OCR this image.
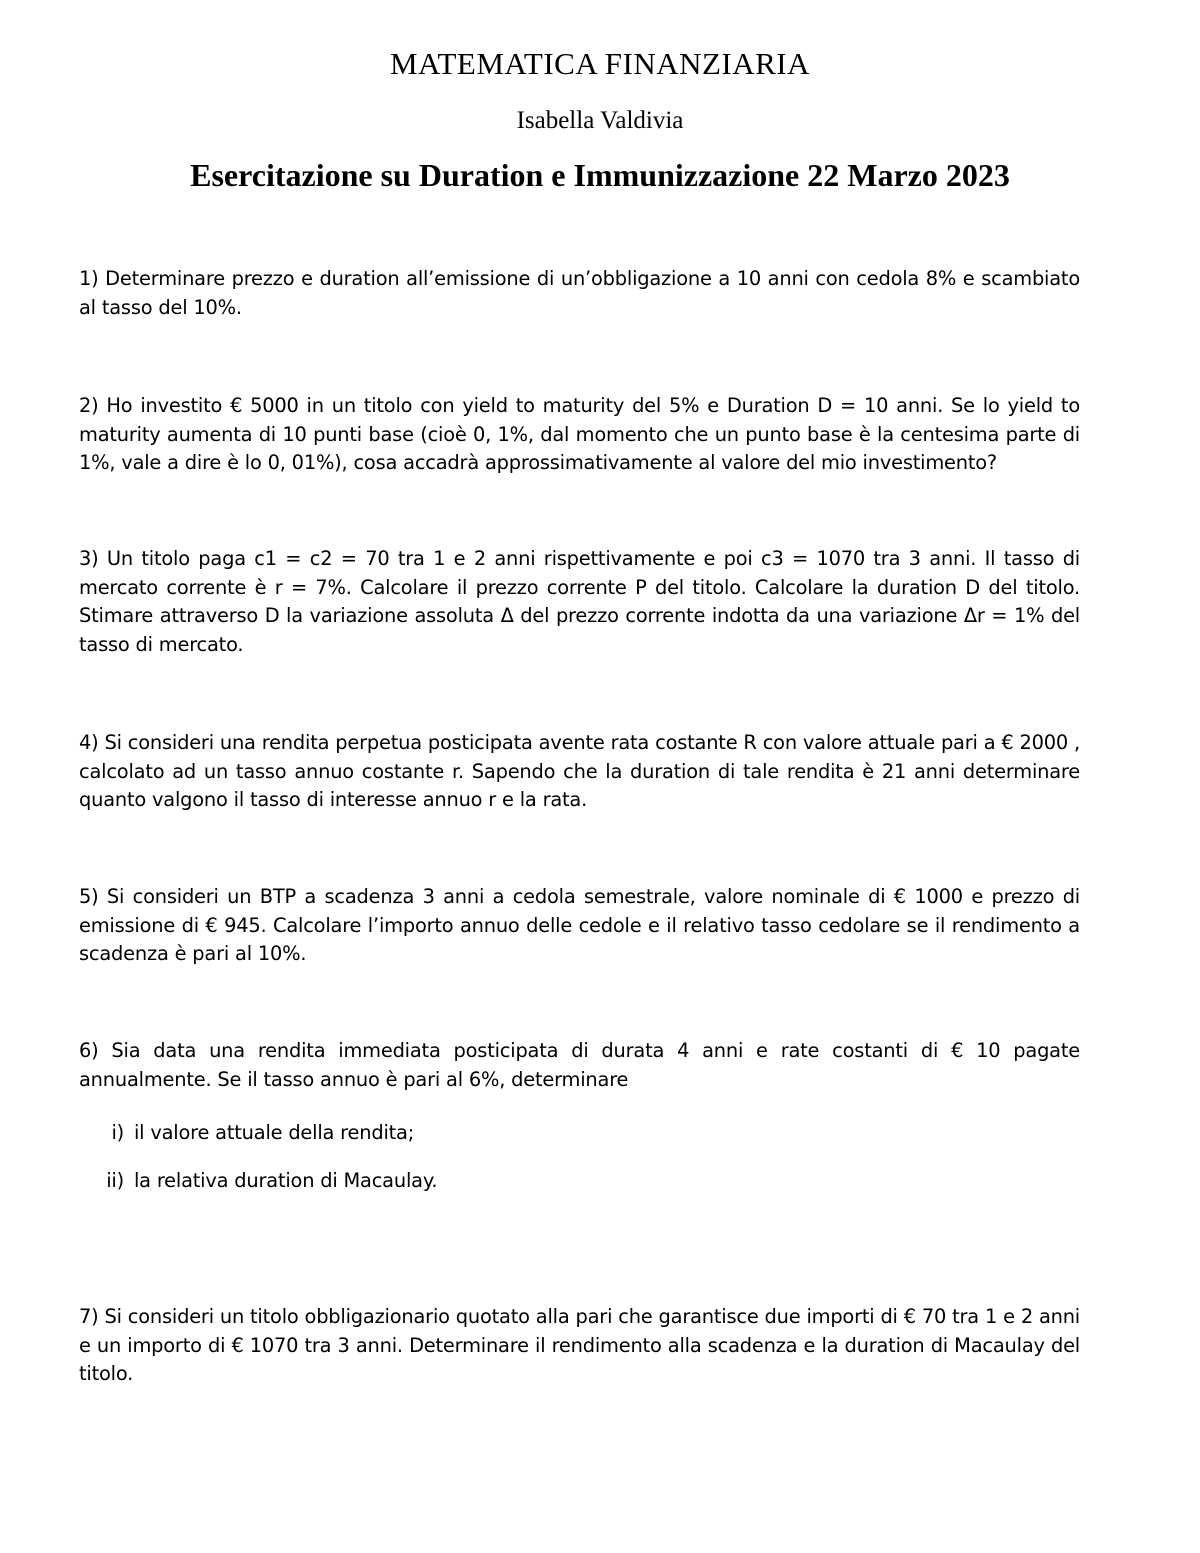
MATEMATICA FINANZIARIA
Isabella Valdivia
Esercitazione su Duration e Immunizzazione 22 Marzo 2023

1) Determinare prezzo e duration all’emissione di un’obbligazione a 10 anni con cedola 8% e scambiato al tasso del 10%.

2) Ho investito € 5000 in un titolo con yield to maturity del 5% e Duration D = 10 anni. Se lo yield to maturity aumenta di 10 punti base (cioè 0, 1%, dal momento che un punto base è la centesima parte di 1%, vale a dire è lo 0, 01%), cosa accadrà approssimativamente al valore del mio investimento?

3) Un titolo paga c1 = c2 = 70 tra 1 e 2 anni rispettivamente e poi c3 = 1070 tra 3 anni. Il tasso di mercato corrente è r = 7%. Calcolare il prezzo corrente P del titolo. Calcolare la duration D del titolo. Stimare attraverso D la variazione assoluta Δ del prezzo corrente indotta da una variazione Δr = 1% del tasso di mercato.

4) Si consideri una rendita perpetua posticipata avente rata costante R con valore attuale pari a € 2000 , calcolato ad un tasso annuo costante r. Sapendo che la duration di tale rendita è 21 anni determinare quanto valgono il tasso di interesse annuo r e la rata.

5) Si consideri un BTP a scadenza 3 anni a cedola semestrale, valore nominale di € 1000 e prezzo di emissione di € 945. Calcolare l’importo annuo delle cedole e il relativo tasso cedolare se il rendimento a scadenza è pari al 10%.

6) Sia data una rendita immediata posticipata di durata 4 anni e rate costanti di € 10 pagate annualmente. Se il tasso annuo è pari al 6%, determinare

i) il valore attuale della rendita;
ii) la relativa duration di Macaulay.

7) Si consideri un titolo obbligazionario quotato alla pari che garantisce due importi di € 70 tra 1 e 2 anni e un importo di € 1070 tra 3 anni. Determinare il rendimento alla scadenza e la duration di Macaulay del titolo.
